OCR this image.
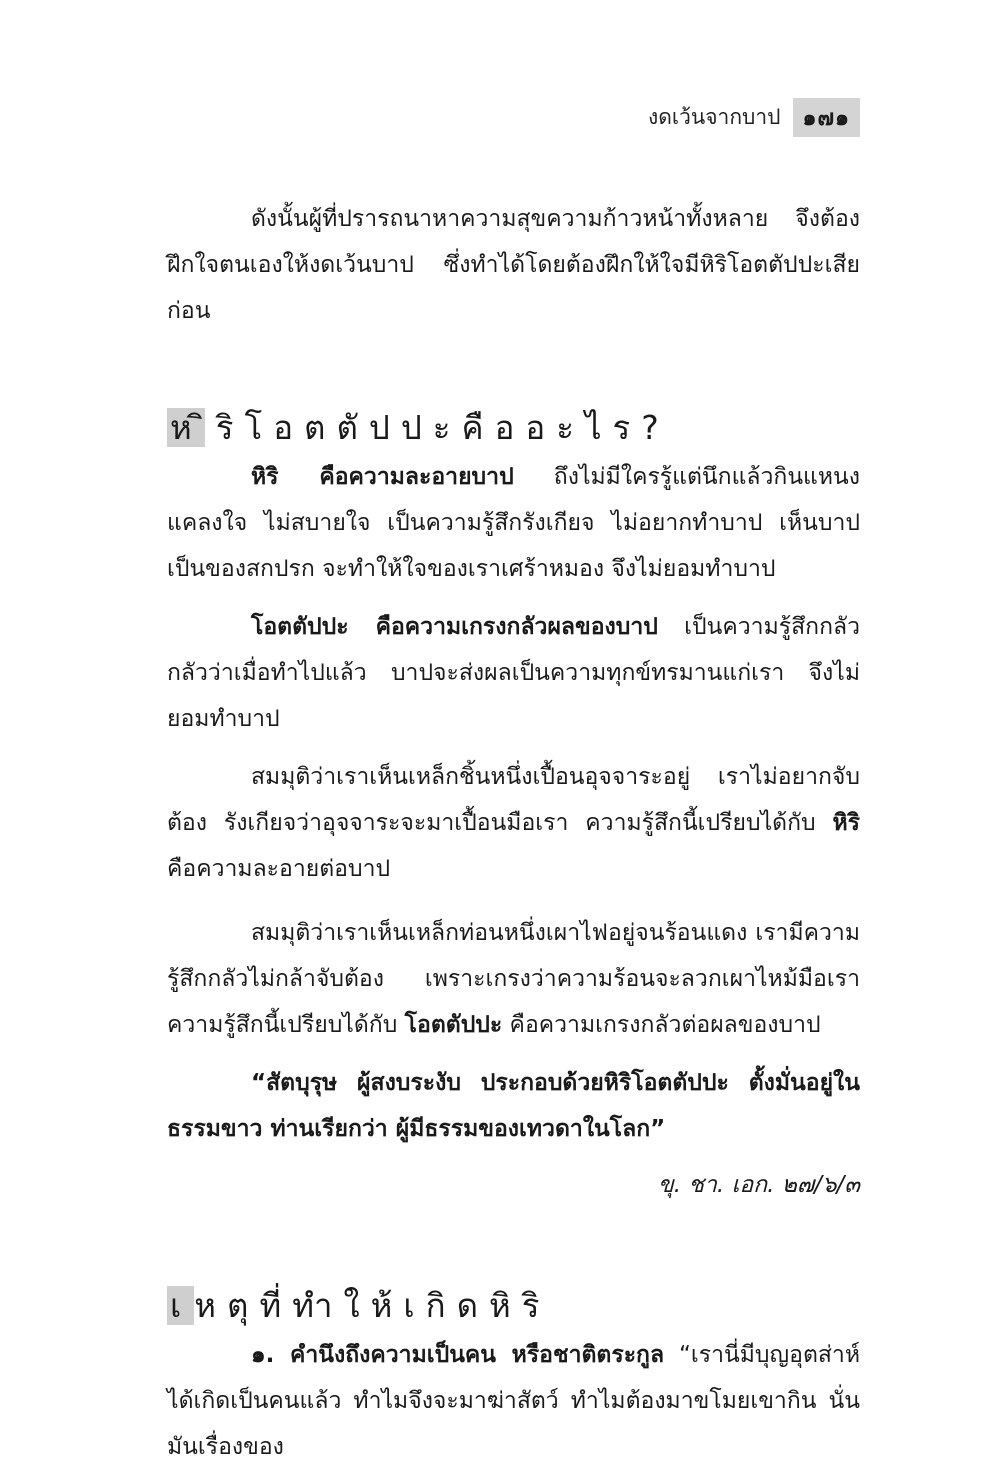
งดเว้นจากบาป	๑๗๑

ดังนั้นผู้ที่ปรารถนาหาความสุขความก้าวหน้าทั้งหลาย จึงต้องฝึกใจตนเองให้งดเว้นบาป ซึ่งทำได้โดยต้องฝึกให้ใจมีหิริโอตตัปปะเสียก่อน

หิริโอตตัปปะคืออะไร?

หิริ คือความละอายบาป ถึงไม่มีใครรู้แต่นึกแล้วกินแหนงแคลงใจ ไม่สบายใจ เป็นความรู้สึกรังเกียจ ไม่อยากทำบาป เห็นบาปเป็นของสกปรก จะทำให้ใจของเราเศร้าหมอง จึงไม่ยอมทำบาป

โอตตัปปะ คือความเกรงกลัวผลของบาป เป็นความรู้สึกกลัว กลัวว่าเมื่อทำไปแล้ว บาปจะส่งผลเป็นความทุกข์ทรมานแก่เรา จึงไม่ยอมทำบาป

สมมุติว่าเราเห็นเหล็กชิ้นหนึ่งเปื้อนอุจจาระอยู่ เราไม่อยากจับต้อง รังเกียจว่าอุจจาระจะมาเปื้อนมือเรา ความรู้สึกนี้เปรียบได้กับ หิริ คือความละอายต่อบาป

สมมุติว่าเราเห็นเหล็กท่อนหนึ่งเผาไฟอยู่จนร้อนแดง เรามีความรู้สึกกลัวไม่กล้าจับต้อง เพราะเกรงว่าความร้อนจะลวกเผาไหม้มือเรา ความรู้สึกนี้เปรียบได้กับ โอตตัปปะ คือความเกรงกลัวต่อผลของบาป

“สัตบุรุษ ผู้สงบระงับ ประกอบด้วยหิริโอตตัปปะ ตั้งมั่นอยู่ในธรรมขาว ท่านเรียกว่า ผู้มีธรรมของเทวดาในโลก”

ขุ. ชา. เอก. ๒๗/๖/๓
เหตุที่ทำให้เกิดหิริ

๑. คำนึงถึงความเป็นคน หรือชาติตระกูล “เรานี่มีบุญอุตส่าห์ได้เกิดเป็นคนแล้ว ทำไมจึงจะมาฆ่าสัตว์ ทำไมต้องมาขโมยเขากิน นั่นมันเรื่องของ
